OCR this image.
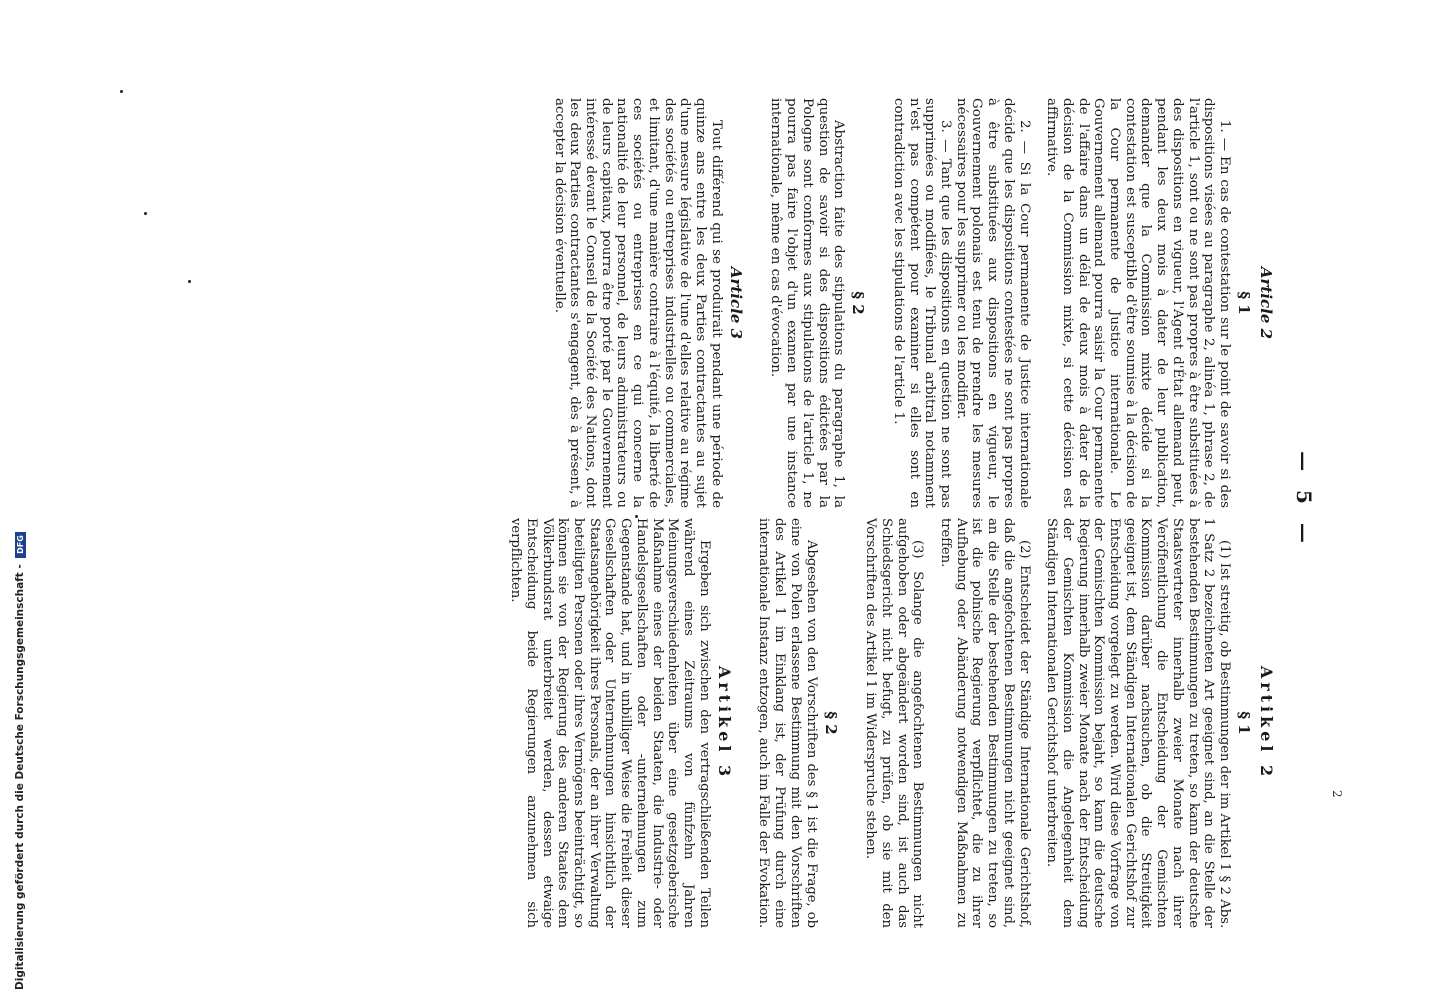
— 5 —
2
Article 2
§ 1

1. — En cas de contestation sur le point de savoir si des dispositions visées au paragraphe 2, alinéa 1, phrase 2, de l'article 1, sont ou ne sont pas propres à être substituées à des dispositions en vigueur, l'Agent d'État allemand peut, pendant les deux mois à dater de leur publication, demander que la Commission mixte décide si la contestation est susceptible d'être soumise à la décision de la Cour permanente de Justice internationale. Le Gouvernement allemand pourra saisir la Cour permanente de l'affaire dans un délai de deux mois à dater de la décision de la Commission mixte, si cette décision est affirmative.

2. — Si la Cour permanente de Justice internationale décide que les dispositions contestées ne sont pas propres à être substituées aux dispositions en vigueur, le Gouvernement polonais est tenu de prendre les mesures nécessaires pour les supprimer ou les modifier.

3. — Tant que les dispositions en question ne sont pas supprimées ou modifiées, le Tribunal arbitral notamment n'est pas compétent pour examiner si elles sont en contradiction avec les stipulations de l'article 1.

§ 2

Abstraction faite des stipulations du paragraphe 1, la question de savoir si des dispositions édictées par la Pologne sont conformes aux stipulations de l'article 1, ne pourra pas faire l'objet d'un examen par une instance internationale, même en cas d'évocation.

Article 3

Tout différend qui se produirait pendant une période de quinze ans entre les deux Parties contractantes au sujet d'une mesure législative de l'une d'elles relative au régime des sociétés ou entreprises industrielles ou commerciales, et limitant, d'une manière contraire à l'équité, la liberté de ces sociétés ou entreprises en ce qui concerne la nationalité de leur personnel, de leurs administrateurs ou de leurs capitaux, pourra être porté par le Gouvernement intéressé devant le Conseil de la Société des Nations, dont les deux Parties contractantes s'engagent, dès à présent, à accepter la décision éventuelle.

Artikel 2
§ 1

(1) Ist streitig, ob Bestimmungen der im Artikel 1 § 2 Abs. 1 Satz 2 bezeichneten Art geeignet sind, an die Stelle der bestehenden Bestimmungen zu treten, so kann der deutsche Staatsvertreter innerhalb zweier Monate nach ihrer Veröffentlichung die Entscheidung der Gemischten Kommission darüber nachsuchen, ob die Streitigkeit geeignet ist, dem Ständigen Internationalen Gerichtshof zur Entscheidung vorgelegt zu werden. Wird diese Vorfrage von der Gemischten Kommission bejaht, so kann die deutsche Regierung innerhalb zweier Monate nach der Entscheidung der Gemischten Kommission die Angelegenheit dem Ständigen Internationalen Gerichtshof unterbreiten.

(2) Entscheidet der Ständige Internationale Gerichtshof, daß die angefochtenen Bestimmungen nicht geeignet sind, an die Stelle der bestehenden Bestimmungen zu treten, so ist die polnische Regierung verpflichtet, die zu ihrer Aufhebung oder Abänderung notwendigen Maßnahmen zu treffen.

(3) Solange die angefochtenen Bestimmungen nicht aufgehoben oder abgeändert worden sind, ist auch das Schiedsgericht nicht befugt, zu prüfen, ob sie mit den Vorschriften des Artikel 1 im Widerspruche stehen.

§ 2

Abgesehen von den Vorschriften des § 1 ist die Frage, ob eine von Polen erlassene Bestimmung mit den Vorschriften des Artikel 1 im Einklang ist, der Prüfung durch eine internationale Instanz entzogen, auch im Falle der Evokation.

Artikel 3

Ergeben sich zwischen den vertragschließenden Teilen während eines Zeitraums von fünfzehn Jahren Meinungsverschiedenheiten über eine gesetzgeberische Maßnahme eines der beiden Staaten, die Industrie- oder Handelsgesellschaften oder -unternehmungen zum Gegenstande hat, und in unbilliger Weise die Freiheit dieser Gesellschaften oder Unternehmungen hinsichtlich der Staatsangehörigkeit ihres Personals, der an ihrer Verwaltung beteiligten Personen oder ihres Vermögens beeinträchtigt, so können sie von der Regierung des anderen Staates dem Völkerbundsrat unterbreitet werden, dessen etwaige Entscheidung beide Regierungen anzunehmen sich verpflichten.

Digitalisierung gefördert durch die Deutsche Forschungsgemeinschaft - DFG
